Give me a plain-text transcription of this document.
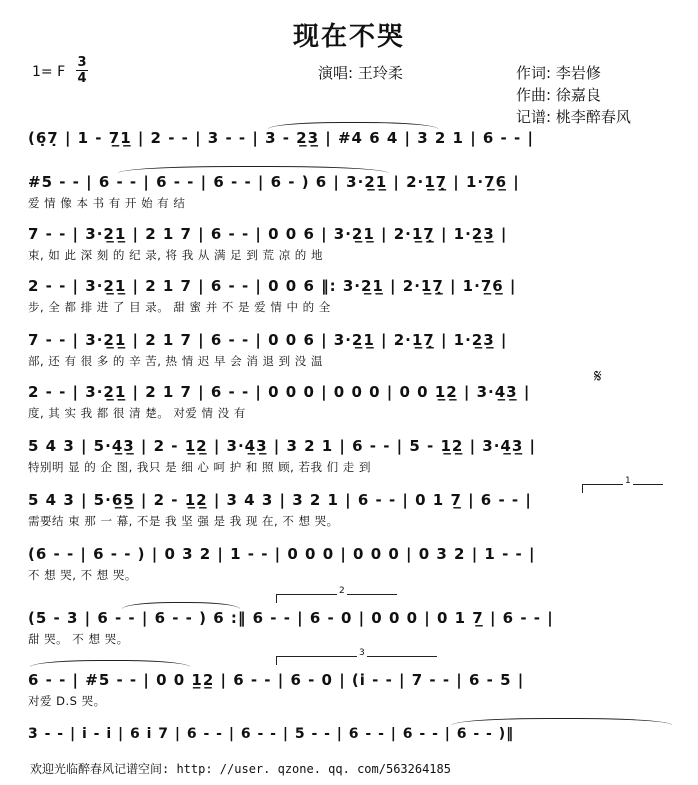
现在不哭
1= F
3
4	演唱: 王玲柔	作词: 李岩修
作曲: 徐嘉良
记谱: 桃李醉春风
(6̣7̣ | 1 - 7̲1̲ | 2 - - | 3 - - | 3 - 2̲3̲ | #4 6 4 | 3 2 1 | 6 - - |
#5 - - | 6 - - | 6 - - | 6 - - | 6 - ) 6 | 3·2̲1̲ | 2·1̲7̣̲ | 1·7̲6̲ |
爱 情 像 本 书 有 开 始 有 结
7 - - | 3·2̲1̲ | 2 1 7 | 6 - - | 0 0 6 | 3·2̲1̲ | 2·1̲7̣̲ | 1·2̲3̲ |
束, 如 此 深 刻 的 纪 录, 将 我 从 满 足 到 荒 凉 的 地
2 - - | 3·2̲1̲ | 2 1 7 | 6 - - | 0 0 6 ‖: 3·2̲1̲ | 2·1̲7̣̲ | 1·7̲6̲ |
步, 全 都 排 进 了 目 录。 甜 蜜 并 不 是 爱 情 中 的 全
7 - - | 3·2̲1̲ | 2 1 7 | 6 - - | 0 0 6 | 3·2̲1̲ | 2·1̲7̣̲ | 1·2̲3̲ |
部, 还 有 很 多 的 辛 苦, 热 情 迟 早 会 消 退 到 没 温
2 - - | 3·2̲1̲ | 2 1 7 | 6 - - | 0 0 0 | 0 0 0 | 0 0 1̲2̲ | 3·4̲3̲ |
度, 其 实 我 都 很 清 楚。 对爱 情 没 有
5 4 3 | 5·4̲3̲ | 2 - 1̲2̲ | 3·4̲3̲ | 3 2 1 | 6 - - | 5 - 1̲2̲ | 3·4̲3̲ |
特别明 显 的 企 图, 我只 是 细 心 呵 护 和 照 顾, 若我 们 走 到
5 4 3 | 5·6̲5̲ | 2 - 1̲2̲ | 3 4 3 | 3 2 1 | 6 - - | 0 1 7̲ | 6 - - |
需要结 束 那 一 幕, 不是 我 坚 强 是 我 现 在, 不 想 哭。
(6 - - | 6 - - ) | 0 3 2 | 1 - - | 0 0 0 | 0 0 0 | 0 3 2 | 1 - - |
不 想 哭, 不 想 哭。
(5 - 3 | 6 - - | 6 - - ) 6 :‖ 6 - - | 6 - 0 | 0 0 0 | 0 1 7̲ | 6 - - |
甜 哭。 不 想 哭。
6 - - | #5 - - | 0 0 1̲2̲ | 6 - - | 6 - 0 | (i - - | 7 - - | 6 - 5 |
对爱 D.S 哭。
3 - - | i - i | 6 i 7 | 6 - - | 6 - - | 5 - - | 6 - - | 6 - - | 6 - - )‖
1
2
3
𝄋
欢迎光临醉春风记谱空间: http: //user. qzone. qq. com/563264185
